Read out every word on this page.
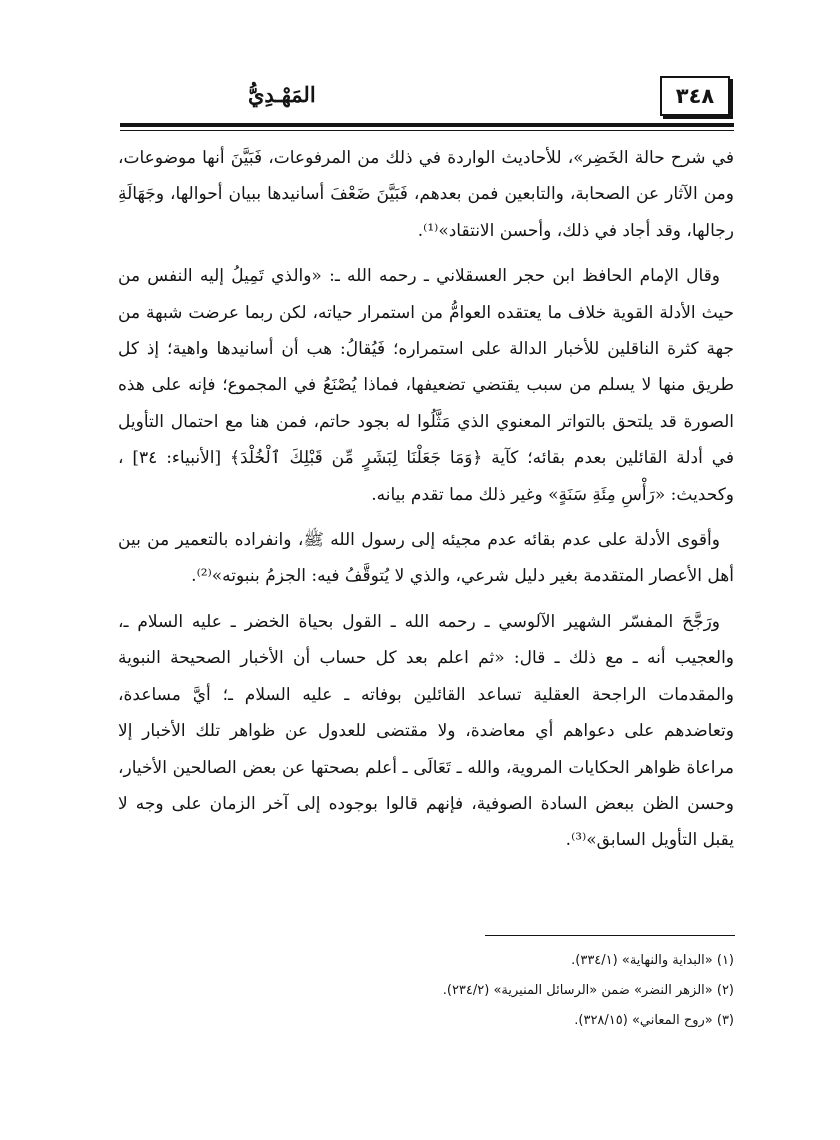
٣٤٨
المَهْـدِيُّ

في شرح حالة الخَضِر»، للأحاديث الواردة في ذلك من المرفوعات، فَبَيَّنَ أنها موضوعات، ومن الآثار عن الصحابة، والتابعين فمن بعدهم، فَبَيَّنَ ضَعْفَ أسانيدها ببيان أحوالها، وجَهَالَةِ رجالها، وقد أجاد في ذلك، وأحسن الانتقاد»⁽¹⁾.

وقال الإمام الحافظ ابن حجر العسقلاني ـ رحمه الله ـ: «والذي تَمِيلُ إليه النفس من حيث الأدلة القوية خلاف ما يعتقده العوامُّ من استمرار حياته، لكن ربما عرضت شبهة من جهة كثرة الناقلين للأخبار الدالة على استمراره؛ فَيُقالُ: هب أن أسانيدها واهية؛ إذ كل طريق منها لا يسلم من سبب يقتضي تضعيفها، فماذا يُصْنَعُ في المجموع؛ فإنه على هذه الصورة قد يلتحق بالتواتر المعنوي الذي مَثَّلُوا له بجود حاتم، فمن هنا مع احتمال التأويل في أدلة القائلين بعدم بقائه؛ كآية ﴿وَمَا جَعَلْنَا لِبَشَرٍ مِّن قَبْلِكَ ٱلْخُلْدَ﴾ [الأنبياء: ٣٤] ، وكحديث: «رَأْسِ مِئَةِ سَنَةٍ» وغير ذلك مما تقدم بيانه.

وأقوى الأدلة على عدم بقائه عدم مجيئه إلى رسول الله ﷺ، وانفراده بالتعمير من بين أهل الأعصار المتقدمة بغير دليل شرعي، والذي لا يُتوقَّفُ فيه: الجزمُ بنبوته»⁽²⁾.

ورَجَّحَ المفسّر الشهير الآلوسي ـ رحمه الله ـ القول بحياة الخضر ـ عليه السلام ـ، والعجيب أنه ـ مع ذلك ـ قال: «ثم اعلم بعد كل حساب أن الأخبار الصحيحة النبوية والمقدمات الراجحة العقلية تساعد القائلين بوفاته ـ عليه السلام ـ؛ أيَّ مساعدة، وتعاضدهم على دعواهم أي معاضدة، ولا مقتضى للعدول عن ظواهر تلك الأخبار إلا مراعاة ظواهر الحكايات المروية، والله ـ تَعَالَى ـ أعلم بصحتها عن بعض الصالحين الأخيار، وحسن الظن ببعض السادة الصوفية، فإنهم قالوا بوجوده إلى آخر الزمان على وجه لا يقبل التأويل السابق»⁽³⁾.

(١) «البداية والنهاية» (٣٣٤/١).
(٢) «الزهر النضر» ضمن «الرسائل المنيرية» (٢٣٤/٢).
(٣) «روح المعاني» (٣٢٨/١٥).
